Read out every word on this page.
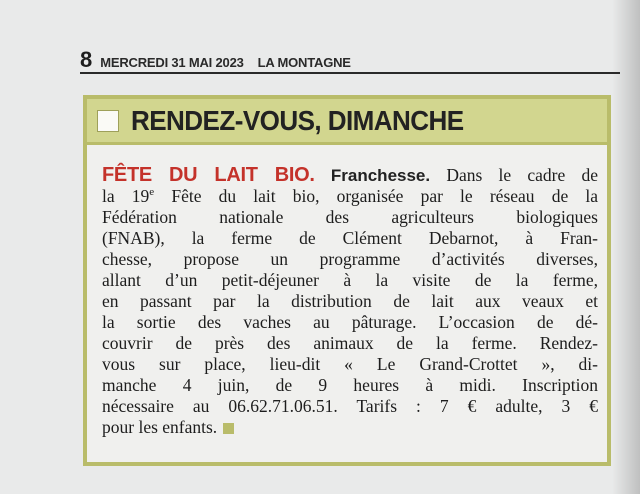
8 MERCREDI 31 MAI 2023 LA MONTAGNE
RENDEZ-VOUS, DIMANCHE
FÊTE DU LAIT BIO. Franchesse. Dans le cadre de
la 19e Fête du lait bio, organisée par le réseau de la
Fédération nationale des agriculteurs biologiques
(FNAB), la ferme de Clément Debarnot, à Fran-
chesse, propose un programme d’activités diverses,
allant d’un petit-déjeuner à la visite de la ferme,
en passant par la distribution de lait aux veaux et
la sortie des vaches au pâturage. L’occasion de dé-
couvrir de près des animaux de la ferme. Rendez-
vous sur place, lieu-dit « Le Grand-Crottet », di-
manche 4 juin, de 9 heures à midi. Inscription
nécessaire au 06.62.71.06.51. Tarifs : 7 € adulte, 3 €
pour les enfants.
